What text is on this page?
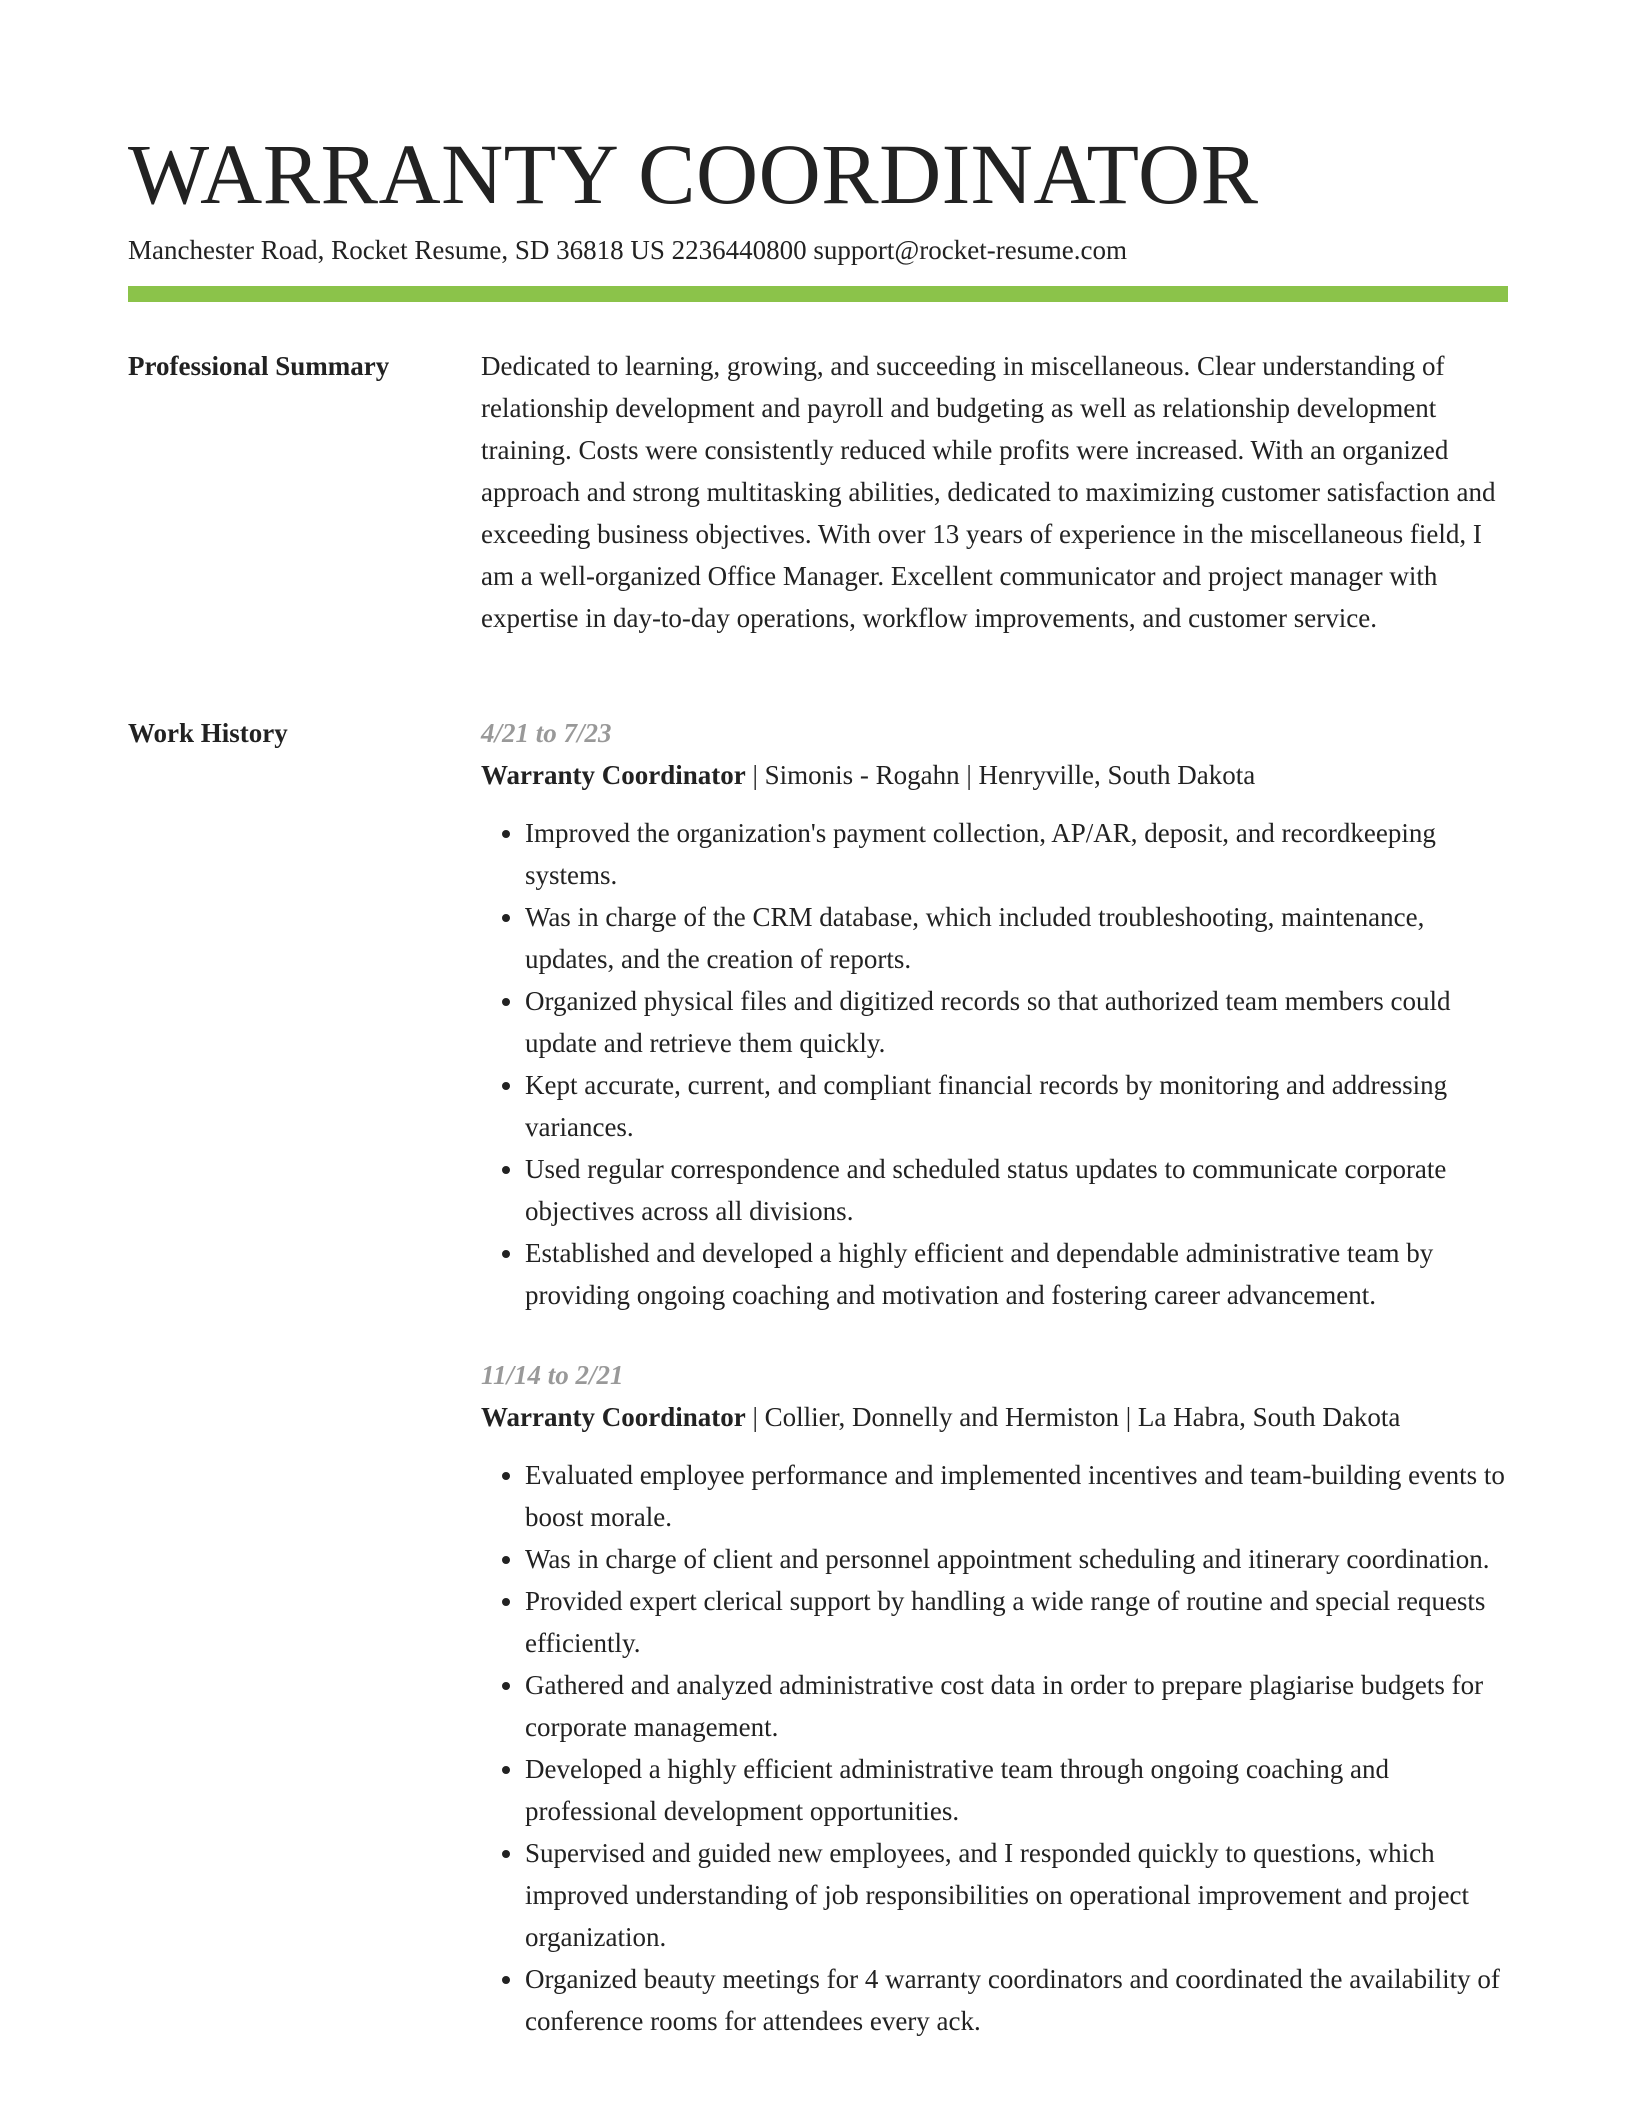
WARRANTY COORDINATOR
Manchester Road, Rocket Resume, SD 36818 US 2236440800 support@rocket-resume.com
Professional Summary	Dedicated to learning, growing, and succeeding in miscellaneous. Clear understanding of relationship development and payroll and budgeting as well as relationship development training. Costs were consistently reduced while profits were increased. With an organized approach and strong multitasking abilities, dedicated to maximizing customer satisfaction and exceeding business objectives. With over 13 years of experience in the miscellaneous field, I am a well-organized Office Manager. Excellent communicator and project manager with expertise in day-to-day operations, workflow improvements, and customer service.

Work History	4/21 to 7/23
Warranty Coordinator | Simonis - Rogahn | Henryville, South Dakota
• Improved the organization's payment collection, AP/AR, deposit, and recordkeeping systems.
• Was in charge of the CRM database, which included troubleshooting, maintenance, updates, and the creation of reports.
• Organized physical files and digitized records so that authorized team members could update and retrieve them quickly.
• Kept accurate, current, and compliant financial records by monitoring and addressing variances.
• Used regular correspondence and scheduled status updates to communicate corporate objectives across all divisions.
• Established and developed a highly efficient and dependable administrative team by providing ongoing coaching and motivation and fostering career advancement.
11/14 to 2/21
Warranty Coordinator | Collier, Donnelly and Hermiston | La Habra, South Dakota
• Evaluated employee performance and implemented incentives and team-building events to boost morale.
• Was in charge of client and personnel appointment scheduling and itinerary coordination.
• Provided expert clerical support by handling a wide range of routine and special requests efficiently.
• Gathered and analyzed administrative cost data in order to prepare plagiarise budgets for corporate management.
• Developed a highly efficient administrative team through ongoing coaching and professional development opportunities.
• Supervised and guided new employees, and I responded quickly to questions, which improved understanding of job responsibilities on operational improvement and project organization.
• Organized beauty meetings for 4 warranty coordinators and coordinated the availability of conference rooms for attendees every ack.
